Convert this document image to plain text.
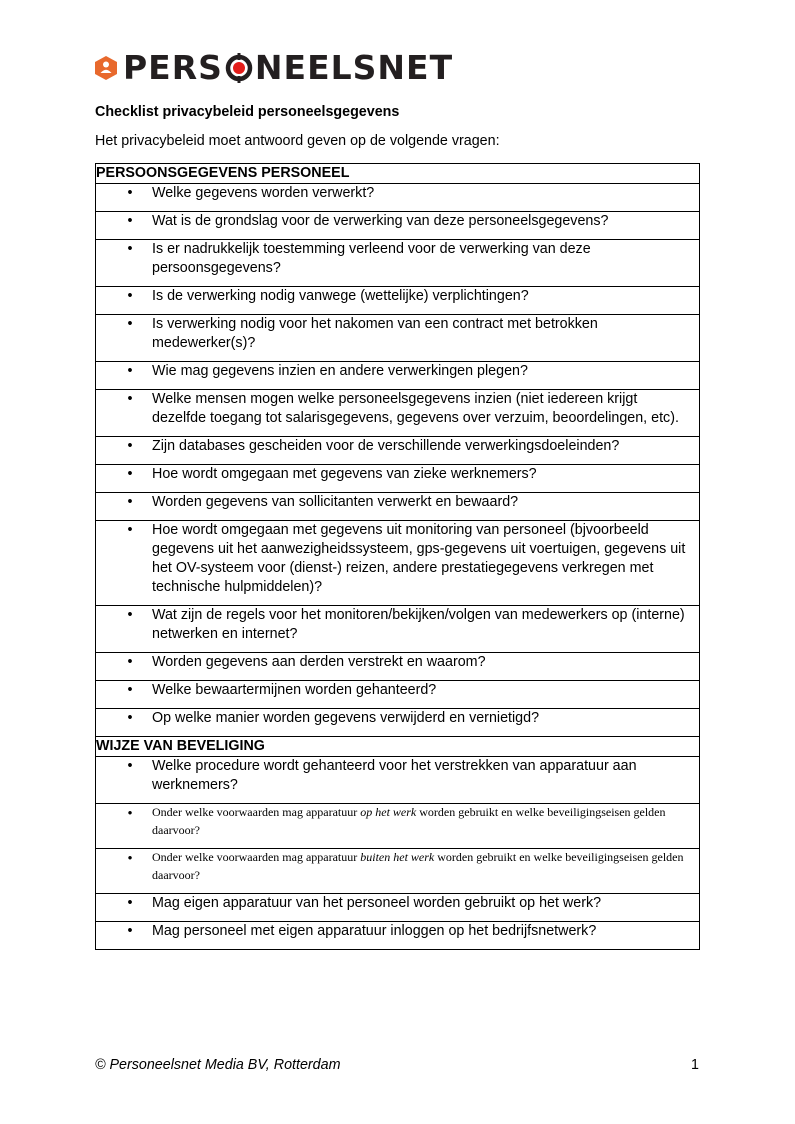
PERS NEELSNET
Checklist privacybeleid personeelsgegevens
Het privacybeleid moet antwoord geven op de volgende vragen:
PERSOONSGEGEVENS PERSONEEL

•	Welke gegevens worden verwerkt?

•	Wat is de grondslag voor de verwerking van deze personeelsgegevens?

•	Is er nadrukkelijk toestemming verleend voor de verwerking van deze persoonsgegevens?

•	Is de verwerking nodig vanwege (wettelijke) verplichtingen?

•	Is verwerking nodig voor het nakomen van een contract met betrokken medewerker(s)?

•	Wie mag gegevens inzien en andere verwerkingen plegen?

•	Welke mensen mogen welke personeelsgegevens inzien (niet iedereen krijgt dezelfde toegang tot salarisgegevens, gegevens over verzuim, beoordelingen, etc).

•	Zijn databases gescheiden voor de verschillende verwerkingsdoeleinden?

•	Hoe wordt omgegaan met gegevens van zieke werknemers?

•	Worden gegevens van sollicitanten verwerkt en bewaard?

•	Hoe wordt omgegaan met gegevens uit monitoring van personeel (bjvoorbeeld gegevens uit het aanwezigheidssysteem, gps-gegevens uit voertuigen, gegevens uit het OV-systeem voor (dienst-) reizen, andere prestatiegegevens verkregen met technische hulpmiddelen)?

•	Wat zijn de regels voor het monitoren/bekijken/volgen van medewerkers op (interne) netwerken en internet?

•	Worden gegevens aan derden verstrekt en waarom?

•	Welke bewaartermijnen worden gehanteerd?

•	Op welke manier worden gegevens verwijderd en vernietigd?

WIJZE VAN BEVELIGING

•	Welke procedure wordt gehanteerd voor het verstrekken van apparatuur aan werknemers?

•	Onder welke voorwaarden mag apparatuur op het werk worden gebruikt en welke beveiligingseisen gelden daarvoor?

•	Onder welke voorwaarden mag apparatuur buiten het werk worden gebruikt en welke beveiligingseisen gelden daarvoor?

•	Mag eigen apparatuur van het personeel worden gebruikt op het werk?

•	Mag personeel met eigen apparatuur inloggen op het bedrijfsnetwerk?
© Personeelsnet Media BV, Rotterdam	1
